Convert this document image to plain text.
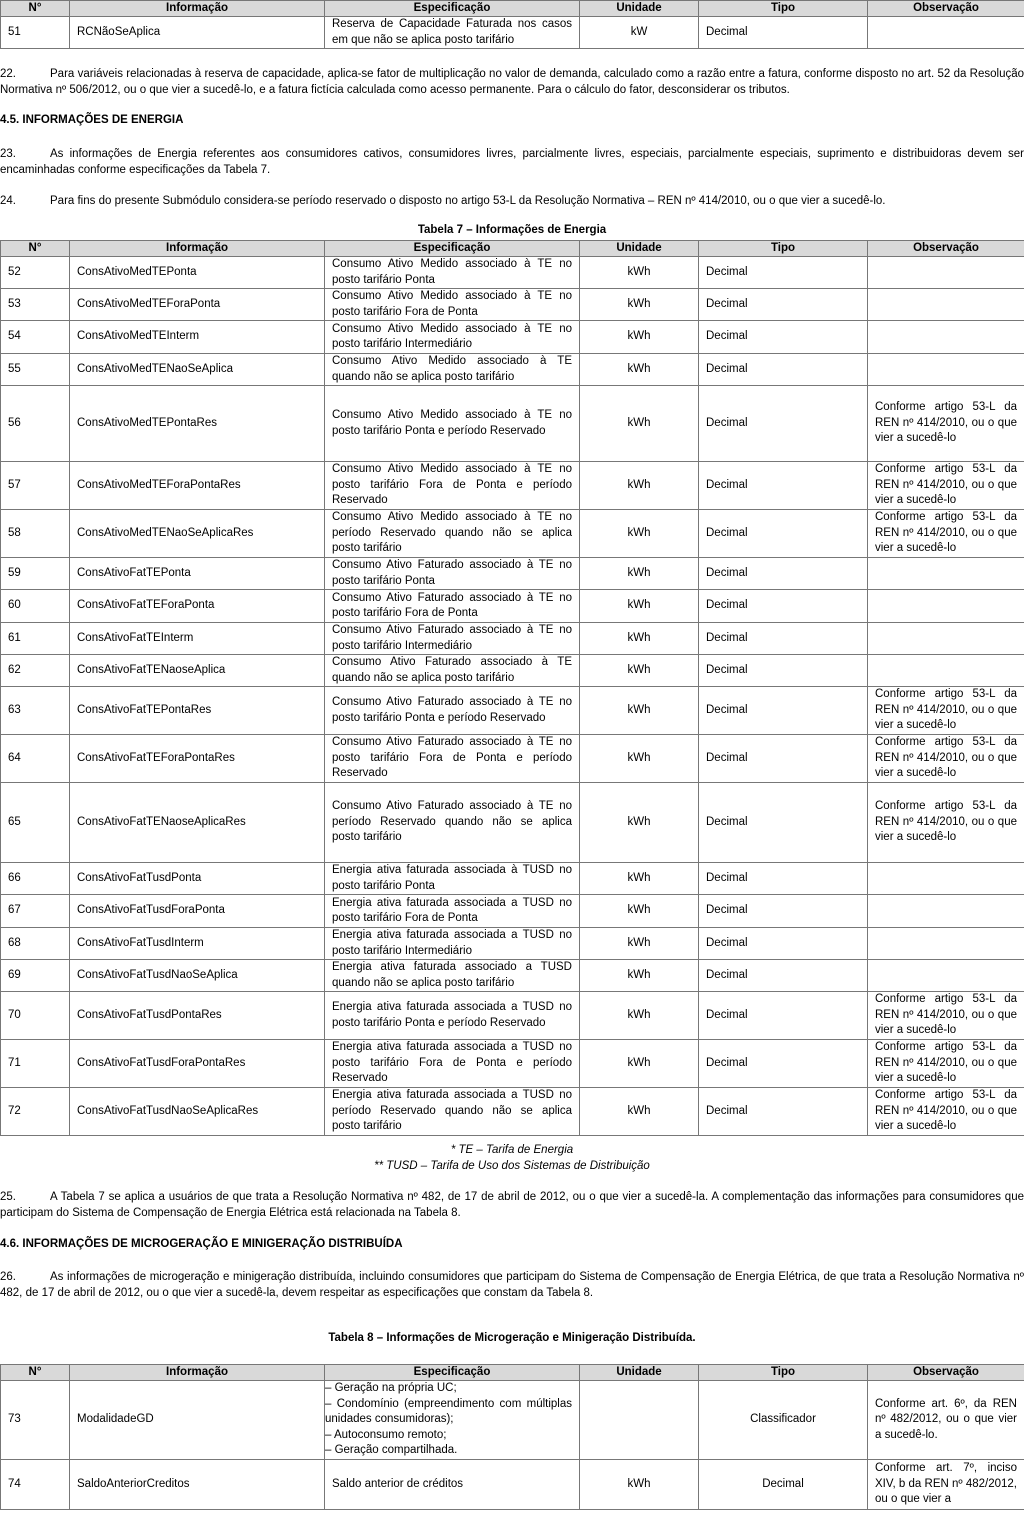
N°	Informação	Especificação	Unidade	Tipo	Observação
51	RCNãoSeAplica	Reserva de Capacidade Faturada nos casos em que não se aplica posto tarifário	kW	Decimal	
22.	Para variáveis relacionadas à reserva de capacidade, aplica-se fator de multiplicação no valor de demanda, calculado como a razão entre a fatura, conforme disposto no art. 52 da Resolução Normativa nº 506/2012, ou o que vier a sucedê-lo, e a fatura fictícia calculada como acesso permanente. Para o cálculo do fator, desconsiderar os tributos.
4.5. INFORMAÇÕES DE ENERGIA
23.	As informações de Energia referentes aos consumidores cativos, consumidores livres, parcialmente livres, especiais, parcialmente especiais, suprimento e distribuidoras devem ser encaminhadas conforme especificações da Tabela 7.
24.	Para fins do presente Submódulo considera-se período reservado o disposto no artigo 53-L da Resolução Normativa – REN nº 414/2010, ou o que vier a sucedê-lo.
Tabela 7 – Informações de Energia
N°	Informação	Especificação	Unidade	Tipo	Observação
52	ConsAtivoMedTEPonta	Consumo Ativo Medido associado à TE no posto tarifário Ponta	kWh	Decimal	
53	ConsAtivoMedTEForaPonta	Consumo Ativo Medido associado à TE no posto tarifário Fora de Ponta	kWh	Decimal	
54	ConsAtivoMedTEInterm	Consumo Ativo Medido associado à TE no posto tarifário Intermediário	kWh	Decimal	
55	ConsAtivoMedTENaoSeAplica	Consumo Ativo Medido associado à TE quando não se aplica posto tarifário	kWh	Decimal	
56	ConsAtivoMedTEPontaRes	Consumo Ativo Medido associado à TE no posto tarifário Ponta e período Reservado	kWh	Decimal	Conforme artigo 53-L da REN nº 414/2010, ou o que vier a sucedê-lo
57	ConsAtivoMedTEForaPontaRes	Consumo Ativo Medido associado à TE no posto tarifário Fora de Ponta e período Reservado	kWh	Decimal	Conforme artigo 53-L da REN nº 414/2010, ou o que vier a sucedê-lo
58	ConsAtivoMedTENaoSeAplicaRes	Consumo Ativo Medido associado à TE no período Reservado quando não se aplica posto tarifário	kWh	Decimal	Conforme artigo 53-L da REN nº 414/2010, ou o que vier a sucedê-lo
59	ConsAtivoFatTEPonta	Consumo Ativo Faturado associado à TE no posto tarifário Ponta	kWh	Decimal	
60	ConsAtivoFatTEForaPonta	Consumo Ativo Faturado associado à TE no posto tarifário Fora de Ponta	kWh	Decimal	
61	ConsAtivoFatTEInterm	Consumo Ativo Faturado associado à TE no posto tarifário Intermediário	kWh	Decimal	
62	ConsAtivoFatTENaoseAplica	Consumo Ativo Faturado associado à TE quando não se aplica posto tarifário	kWh	Decimal	
63	ConsAtivoFatTEPontaRes	Consumo Ativo Faturado associado à TE no posto tarifário Ponta e período Reservado	kWh	Decimal	Conforme artigo 53-L da REN nº 414/2010, ou o que vier a sucedê-lo
64	ConsAtivoFatTEForaPontaRes	Consumo Ativo Faturado associado à TE no posto tarifário Fora de Ponta e período Reservado	kWh	Decimal	Conforme artigo 53-L da REN nº 414/2010, ou o que vier a sucedê-lo
65	ConsAtivoFatTENaoseAplicaRes	Consumo Ativo Faturado associado à TE no período Reservado quando não se aplica posto tarifário	kWh	Decimal	Conforme artigo 53-L da REN nº 414/2010, ou o que vier a sucedê-lo
66	ConsAtivoFatTusdPonta	Energia ativa faturada associada à TUSD no posto tarifário Ponta	kWh	Decimal	
67	ConsAtivoFatTusdForaPonta	Energia ativa faturada associada a TUSD no posto tarifário Fora de Ponta	kWh	Decimal	
68	ConsAtivoFatTusdInterm	Energia ativa faturada associada a TUSD no posto tarifário Intermediário	kWh	Decimal	
69	ConsAtivoFatTusdNaoSeAplica	Energia ativa faturada associado a TUSD quando não se aplica posto tarifário	kWh	Decimal	
70	ConsAtivoFatTusdPontaRes	Energia ativa faturada associada a TUSD no posto tarifário Ponta e período Reservado	kWh	Decimal	Conforme artigo 53-L da REN nº 414/2010, ou o que vier a sucedê-lo
71	ConsAtivoFatTusdForaPontaRes	Energia ativa faturada associada a TUSD no posto tarifário Fora de Ponta e período Reservado	kWh	Decimal	Conforme artigo 53-L da REN nº 414/2010, ou o que vier a sucedê-lo
72	ConsAtivoFatTusdNaoSeAplicaRes	Energia ativa faturada associada a TUSD no período Reservado quando não se aplica posto tarifário	kWh	Decimal	Conforme artigo 53-L da REN nº 414/2010, ou o que vier a sucedê-lo
* TE – Tarifa de Energia
** TUSD – Tarifa de Uso dos Sistemas de Distribuição
25.	A Tabela 7 se aplica a usuários de que trata a Resolução Normativa nº 482, de 17 de abril de 2012, ou o que vier a sucedê-la. A complementação das informações para consumidores que participam do Sistema de Compensação de Energia Elétrica está relacionada na Tabela 8.
4.6. INFORMAÇÕES DE MICROGERAÇÃO E MINIGERAÇÃO DISTRIBUÍDA
26.	As informações de microgeração e minigeração distribuída, incluindo consumidores que participam do Sistema de Compensação de Energia Elétrica, de que trata a Resolução Normativa nº 482, de 17 de abril de 2012, ou o que vier a sucedê-la, devem respeitar as especificações que constam da Tabela 8.
Tabela 8 – Informações de Microgeração e Minigeração Distribuída.
N°	Informação	Especificação	Unidade	Tipo	Observação
73	ModalidadeGD	– Geração na própria UC;
– Condomínio (empreendimento com múltiplas unidades consumidoras);
– Autoconsumo remoto;
– Geração compartilhada.		Classificador	Conforme art. 6º, da REN nº 482/2012, ou o que vier a sucedê-lo.
74	SaldoAnteriorCreditos	Saldo anterior de créditos	kWh	Decimal	Conforme art. 7º, inciso XIV, b da REN nº 482/2012, ou o que vier a
